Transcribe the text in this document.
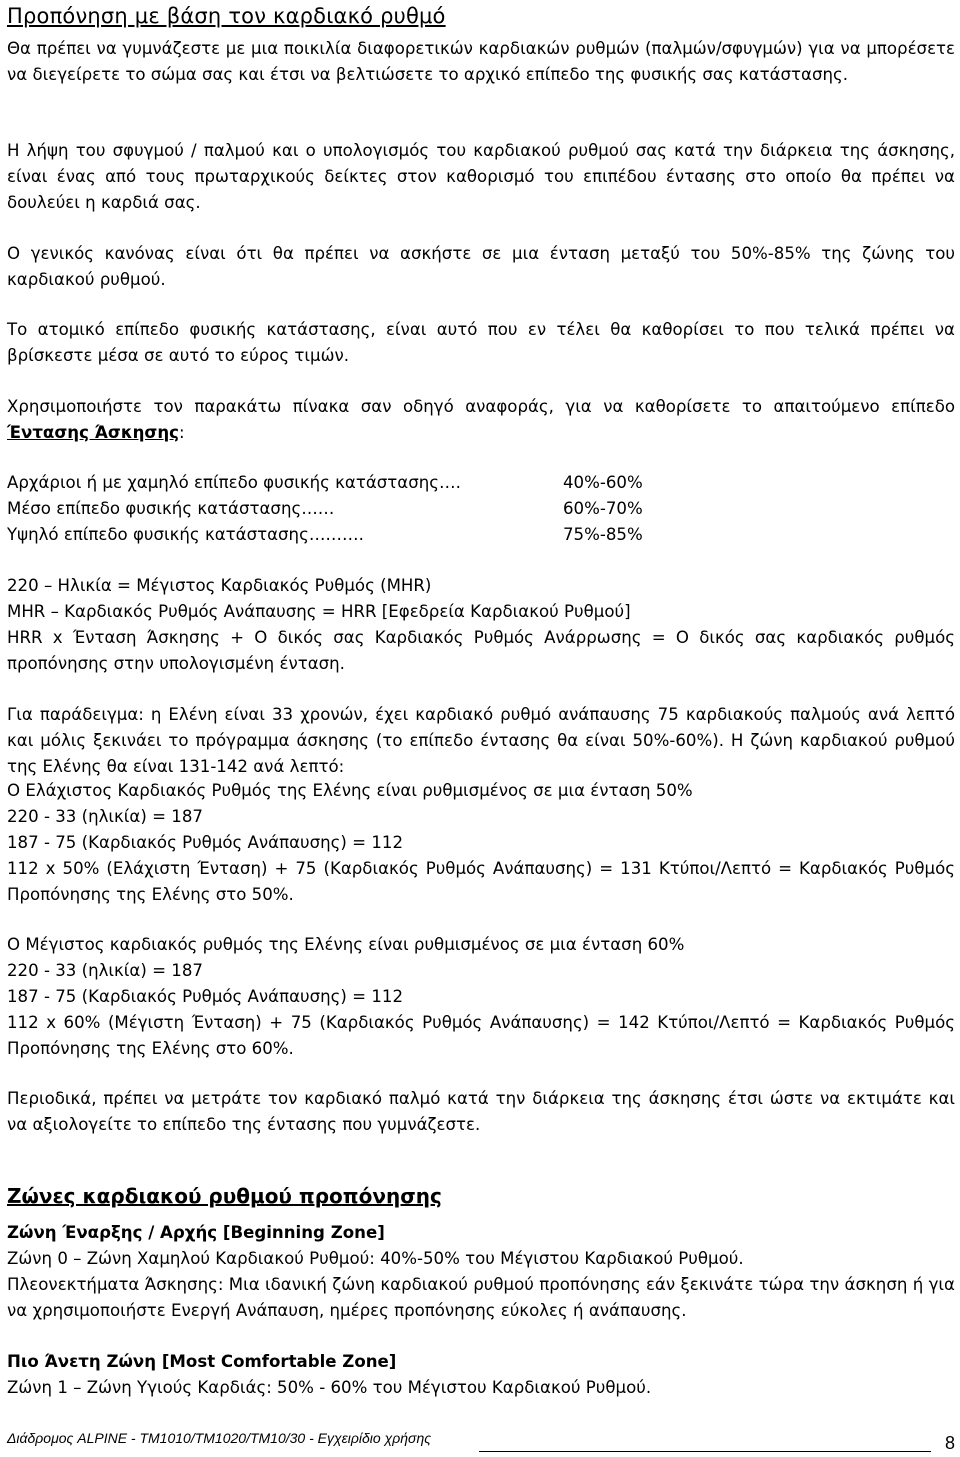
Προπόνηση με βάση τον καρδιακό ρυθμό
Θα πρέπει να γυμνάζεστε με μια ποικιλία διαφορετικών καρδιακών ρυθμών (παλμών/σφυγμών) για να μπορέσετε να διεγείρετε το σώμα σας και έτσι να βελτιώσετε το αρχικό επίπεδο της φυσικής σας κατάστασης.
Η λήψη του σφυγμού / παλμού και ο υπολογισμός του καρδιακού ρυθμού σας κατά την διάρκεια της άσκησης, είναι ένας από τους πρωταρχικούς δείκτες στον καθορισμό του επιπέδου έντασης στο οποίο θα πρέπει να δουλεύει η καρδιά σας.
Ο γενικός κανόνας είναι ότι θα πρέπει να ασκήστε σε μια ένταση μεταξύ του 50%-85% της ζώνης του καρδιακού ρυθμού.
Το ατομικό επίπεδο φυσικής κατάστασης, είναι αυτό που εν τέλει θα καθορίσει το που τελικά πρέπει να βρίσκεστε μέσα σε αυτό το εύρος τιμών.
Χρησιμοποιήστε τον παρακάτω πίνακα σαν οδηγό αναφοράς, για να καθορίσετε το απαιτούμενο επίπεδο Έντασης Άσκησης:
Αρχάριοι ή με χαμηλό επίπεδο φυσικής κατάστασης….	40%-60%
Μέσο επίπεδο φυσικής κατάστασης……	60%-70%
Υψηλό επίπεδο φυσικής κατάστασης……….	75%-85%
220 – Ηλικία = Μέγιστος Καρδιακός Ρυθμός (MHR)
MHR – Καρδιακός Ρυθμός Ανάπαυσης = HRR [Εφεδρεία Καρδιακού Ρυθμού]
HRR x Ένταση Άσκησης + Ο δικός σας Καρδιακός Ρυθμός Ανάρρωσης = Ο δικός σας καρδιακός ρυθμός προπόνησης στην υπολογισμένη ένταση.
Για παράδειγμα: η Ελένη είναι 33 χρονών, έχει καρδιακό ρυθμό ανάπαυσης 75 καρδιακούς παλμούς ανά λεπτό και μόλις ξεκινάει το πρόγραμμα άσκησης (το επίπεδο έντασης θα είναι 50%-60%). Η ζώνη καρδιακού ρυθμού της Ελένης θα είναι 131-142 ανά λεπτό:
Ο Ελάχιστος Καρδιακός Ρυθμός της Ελένης είναι ρυθμισμένος σε μια ένταση 50%
220 - 33 (ηλικία) = 187
187 - 75 (Καρδιακός Ρυθμός Ανάπαυσης) = 112
112 x 50% (Ελάχιστη Ένταση) + 75 (Καρδιακός Ρυθμός Ανάπαυσης) = 131 Κτύποι/Λεπτό = Καρδιακός Ρυθμός Προπόνησης της Ελένης στο 50%.
Ο Μέγιστος καρδιακός ρυθμός της Ελένης είναι ρυθμισμένος σε μια ένταση 60%
220 - 33 (ηλικία) = 187
187 - 75 (Καρδιακός Ρυθμός Ανάπαυσης) = 112
112 x 60% (Μέγιστη Ένταση) + 75 (Καρδιακός Ρυθμός Ανάπαυσης) = 142 Κτύποι/Λεπτό = Καρδιακός Ρυθμός Προπόνησης της Ελένης στο 60%.
Περιοδικά, πρέπει να μετράτε τον καρδιακό παλμό κατά την διάρκεια της άσκησης έτσι ώστε να εκτιμάτε και να αξιολογείτε το επίπεδο της έντασης που γυμνάζεστε.
Ζώνες καρδιακού ρυθμού προπόνησης
Ζώνη Έναρξης / Αρχής [Beginning Zone]
Ζώνη 0 – Ζώνη Χαμηλού Καρδιακού Ρυθμού: 40%-50% του Μέγιστου Καρδιακού Ρυθμού.
Πλεονεκτήματα Άσκησης: Μια ιδανική ζώνη καρδιακού ρυθμού προπόνησης εάν ξεκινάτε τώρα την άσκηση ή για να χρησιμοποιήστε Ενεργή Ανάπαυση, ημέρες προπόνησης εύκολες ή ανάπαυσης.
Πιο Άνετη Ζώνη [Most Comfortable Zone]
Ζώνη 1 – Ζώνη Υγιούς Καρδιάς: 50% - 60% του Μέγιστου Καρδιακού Ρυθμού.
Διάδρομος ALPINE - TM1010/TM1020/TM10/30 - Εγχειρίδιο χρήσης	8
